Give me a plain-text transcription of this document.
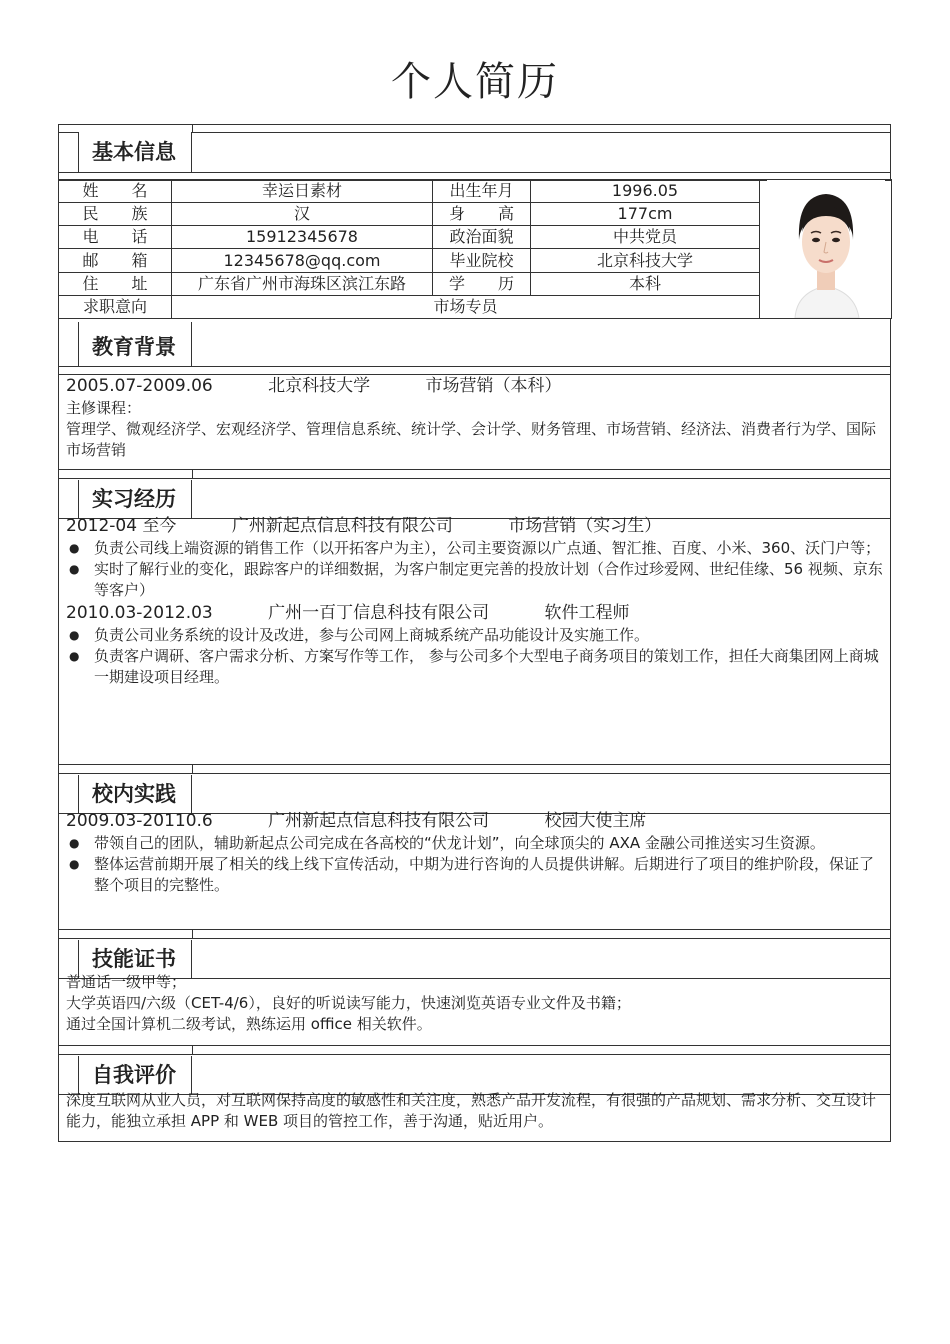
个人简历
基本信息
姓 名	幸运日素材	出生年月	1996.05	

民 族	汉	身 高	177cm	
电 话	15912345678	政治面貌	中共党员	
邮 箱	12345678@qq.com	毕业院校	北京科技大学	
住 址	广东省广州市海珠区滨江东路	学 历	本科	
求职意向	市场专员			
教育背景
2005.07-2009.06	北京科技大学	市场营销（本科）
主修课程：
管理学、微观经济学、宏观经济学、管理信息系统、统计学、会计学、财务管理、市场营销、经济法、消费者行为学、国际市场营销
实习经历
2012-04 至今	广州新起点信息科技有限公司	市场营销（实习生）
● 负责公司线上端资源的销售工作（以开拓客户为主），公司主要资源以广点通、智汇推、百度、小米、360、沃门户等；
● 实时了解行业的变化，跟踪客户的详细数据，为客户制定更完善的投放计划（合作过珍爱网、世纪佳缘、56 视频、京东等客户）
2010.03-2012.03	广州一百丁信息科技有限公司	软件工程师
● 负责公司业务系统的设计及改进，参与公司网上商城系统产品功能设计及实施工作。
● 负责客户调研、客户需求分析、方案写作等工作， 参与公司多个大型电子商务项目的策划工作，担任大商集团网上商城一期建设项目经理。
校内实践
2009.03-20110.6	广州新起点信息科技有限公司	校园大使主席
● 带领自己的团队，辅助新起点公司完成在各高校的“伏龙计划”，向全球顶尖的 AXA 金融公司推送实习生资源。
● 整体运营前期开展了相关的线上线下宣传活动，中期为进行咨询的人员提供讲解。后期进行了项目的维护阶段，保证了整个项目的完整性。
技能证书
普通话一级甲等；
大学英语四/六级（CET-4/6），良好的听说读写能力，快速浏览英语专业文件及书籍；
通过全国计算机二级考试，熟练运用 office 相关软件。
自我评价
深度互联网从业人员，对互联网保持高度的敏感性和关注度，熟悉产品开发流程，有很强的产品规划、需求分析、交互设计能力，能独立承担 APP 和 WEB 项目的管控工作，善于沟通，贴近用户。
